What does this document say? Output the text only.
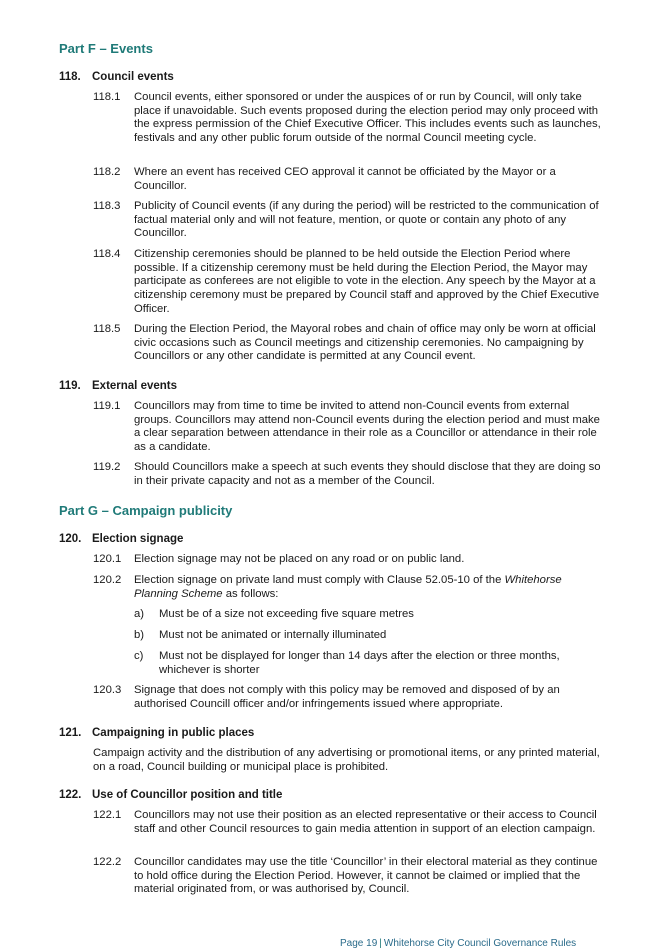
Part F – Events
118. Council events
118.1 Council events, either sponsored or under the auspices of or run by Council, will only take place if unavoidable. Such events proposed during the election period may only proceed with the express permission of the Chief Executive Officer. This includes events such as launches, festivals and any other public forum outside of the normal Council meeting cycle.
118.2 Where an event has received CEO approval it cannot be officiated by the Mayor or a Councillor.
118.3 Publicity of Council events (if any during the period) will be restricted to the communication of factual material only and will not feature, mention, or quote or contain any photo of any Councillor.
118.4 Citizenship ceremonies should be planned to be held outside the Election Period where possible. If a citizenship ceremony must be held during the Election Period, the Mayor may participate as conferees are not eligible to vote in the election. Any speech by the Mayor at a citizenship ceremony must be prepared by Council staff and approved by the Chief Executive Officer.
118.5 During the Election Period, the Mayoral robes and chain of office may only be worn at official civic occasions such as Council meetings and citizenship ceremonies. No campaigning by Councillors or any other candidate is permitted at any Council event.
119. External events
119.1 Councillors may from time to time be invited to attend non-Council events from external groups. Councillors may attend non-Council events during the election period and must make a clear separation between attendance in their role as a Councillor or attendance in their role as a candidate.
119.2 Should Councillors make a speech at such events they should disclose that they are doing so in their private capacity and not as a member of the Council.
Part G – Campaign publicity
120. Election signage
120.1 Election signage may not be placed on any road or on public land.
120.2 Election signage on private land must comply with Clause 52.05-10 of the Whitehorse Planning Scheme as follows:
a) Must be of a size not exceeding five square metres
b) Must not be animated or internally illuminated
c) Must not be displayed for longer than 14 days after the election or three months, whichever is shorter
120.3 Signage that does not comply with this policy may be removed and disposed of by an authorised Councill officer and/or infringements issued where appropriate.
121. Campaigning in public places
Campaign activity and the distribution of any advertising or promotional items, or any printed material, on a road, Council building or municipal place is prohibited.
122. Use of Councillor position and title
122.1 Councillors may not use their position as an elected representative or their access to Council staff and other Council resources to gain media attention in support of an election campaign.
122.2 Councillor candidates may use the title ‘Councillor’ in their electoral material as they continue to hold office during the Election Period. However, it cannot be claimed or implied that the material originated from, or was authorised by, Council.
Page 19 | Whitehorse City Council Governance Rules
